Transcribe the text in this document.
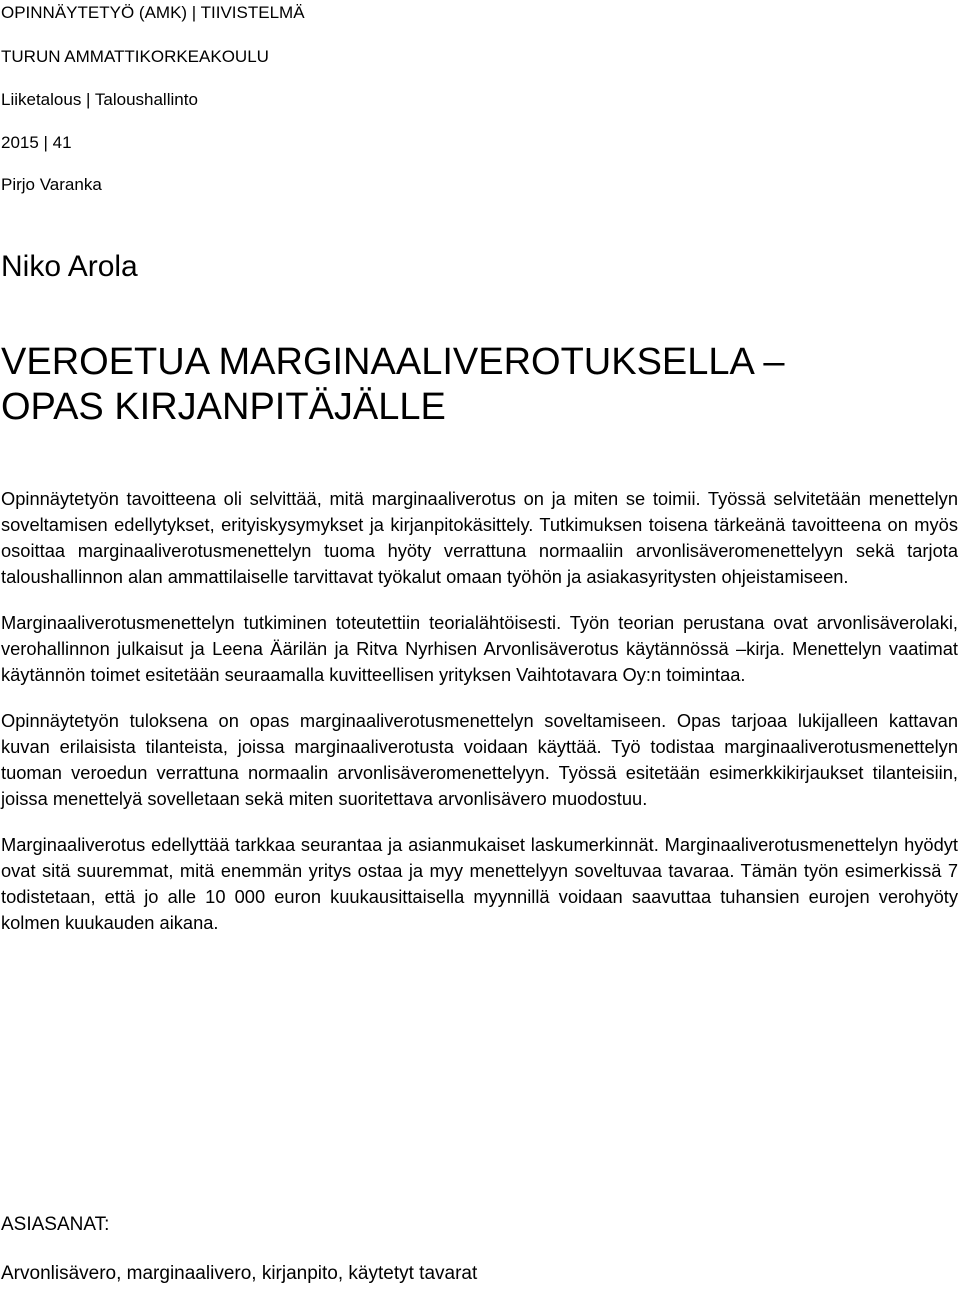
OPINNÄYTETYÖ (AMK) | TIIVISTELMÄ
TURUN AMMATTIKORKEAKOULU
Liiketalous | Taloushallinto
2015 | 41
Pirjo Varanka
Niko Arola
VEROETUA MARGINAALIVEROTUKSELLA –
OPAS KIRJANPITÄJÄLLE

Opinnäytetyön tavoitteena oli selvittää, mitä marginaaliverotus on ja miten se toimii. Työssä selvitetään menettelyn soveltamisen edellytykset, erityiskysymykset ja kirjanpitokäsittely. Tutkimuksen toisena tärkeänä tavoitteena on myös osoittaa marginaaliverotusmenettelyn tuoma hyöty verrattuna normaaliin arvonlisäveromenettelyyn sekä tarjota taloushallinnon alan ammattilaiselle tarvittavat työkalut omaan työhön ja asiakasyritysten ohjeistamiseen.

Marginaaliverotusmenettelyn tutkiminen toteutettiin teorialähtöisesti. Työn teorian perustana ovat arvonlisäverolaki, verohallinnon julkaisut ja Leena Äärilän ja Ritva Nyrhisen Arvonlisäverotus käytännössä –kirja. Menettelyn vaatimat käytännön toimet esitetään seuraamalla kuvitteellisen yrityksen Vaihtotavara Oy:n toimintaa.

Opinnäytetyön tuloksena on opas marginaaliverotusmenettelyn soveltamiseen. Opas tarjoaa lukijalleen kattavan kuvan erilaisista tilanteista, joissa marginaaliverotusta voidaan käyttää. Työ todistaa marginaaliverotusmenettelyn tuoman veroedun verrattuna normaalin arvonlisäveromenettelyyn. Työssä esitetään esimerkkikirjaukset tilanteisiin, joissa menettelyä sovelletaan sekä miten suoritettava arvonlisävero muodostuu.

Marginaaliverotus edellyttää tarkkaa seurantaa ja asianmukaiset laskumerkinnät. Marginaaliverotusmenettelyn hyödyt ovat sitä suuremmat, mitä enemmän yritys ostaa ja myy menettelyyn soveltuvaa tavaraa. Tämän työn esimerkissä 7 todistetaan, että jo alle 10 000 euron kuukausittaisella myynnillä voidaan saavuttaa tuhansien eurojen verohyöty kolmen kuukauden aikana.

ASIASANAT:
Arvonlisävero, marginaalivero, kirjanpito, käytetyt tavarat
